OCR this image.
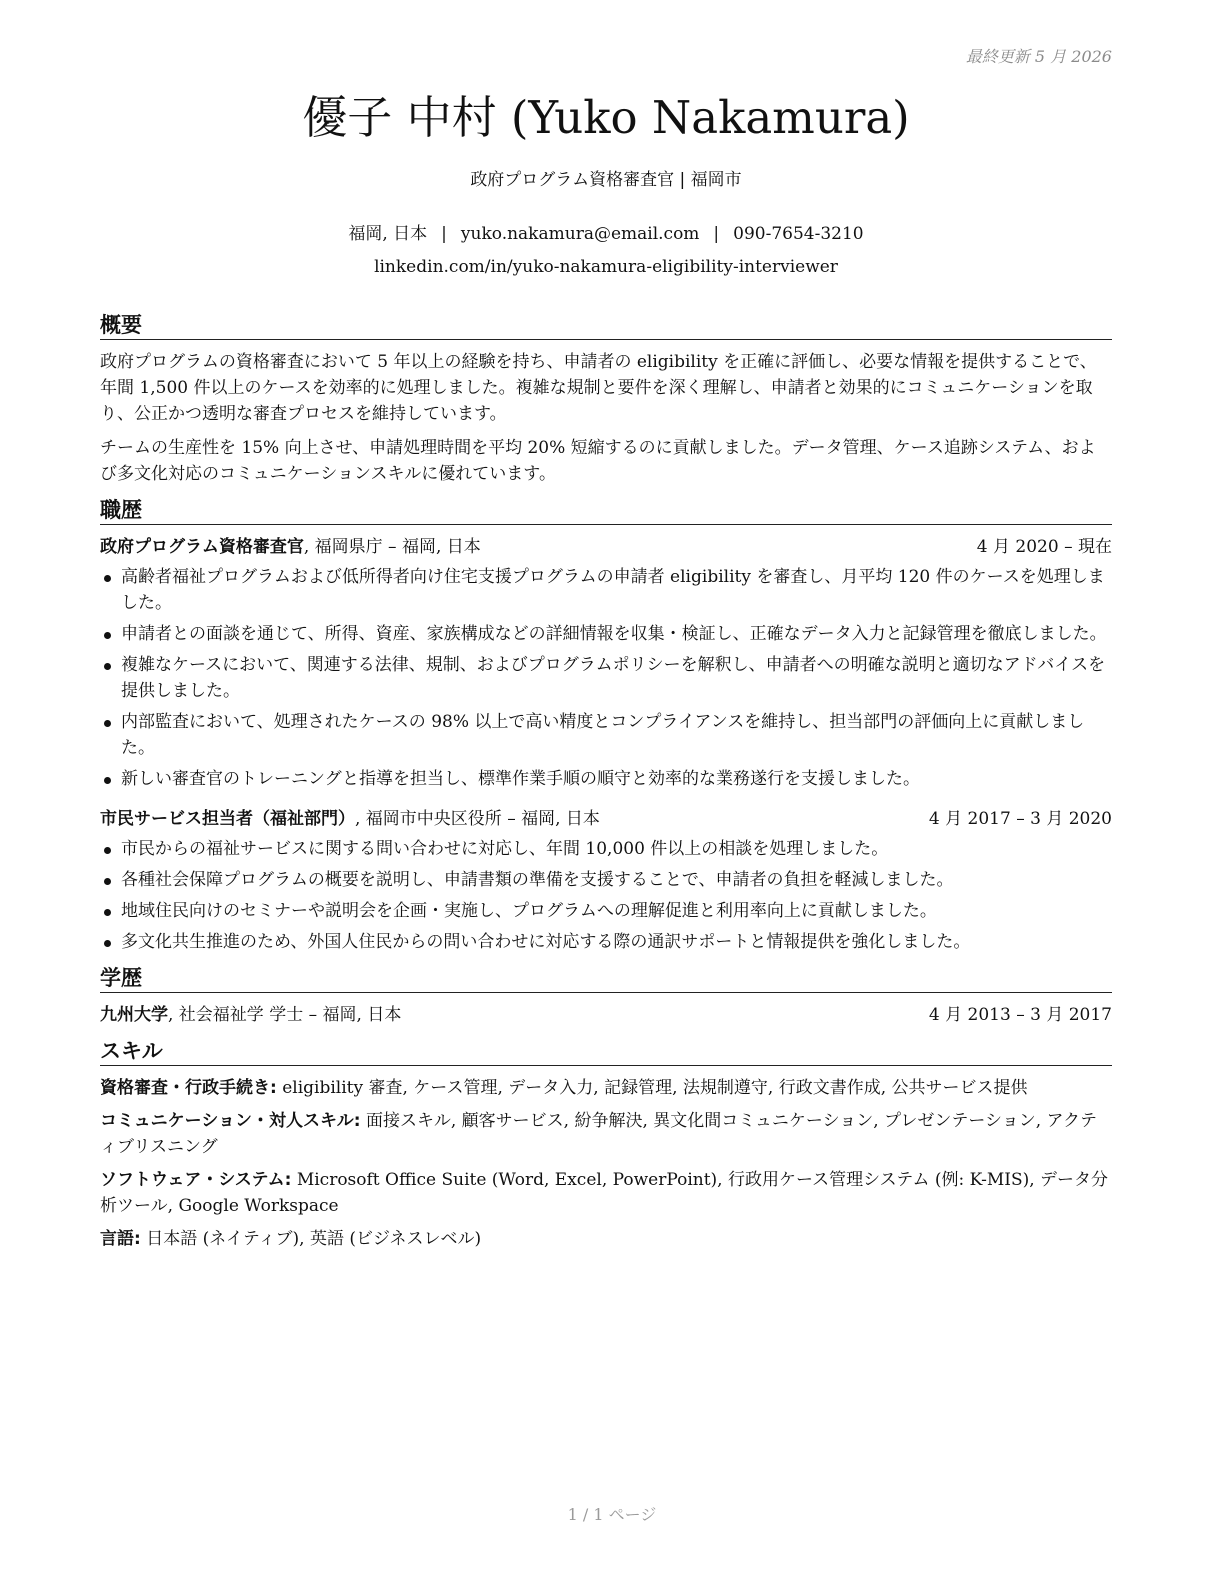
最終更新 5 月 2026
優子 中村 (Yuko Nakamura)
政府プログラム資格審査官 | 福岡市
福岡, 日本 | yuko.nakamura@email.com | 090-7654-3210
linkedin.com/in/yuko-nakamura-eligibility-interviewer
概要

政府プログラムの資格審査において 5 年以上の経験を持ち、申請者の eligibility を正確に評価し、必要な情報を提供することで、年間 1,500 件以上のケースを効率的に処理しました。複雑な規制と要件を深く理解し、申請者と効果的にコミュニケーションを取り、公正かつ透明な審査プロセスを維持しています。

チームの生産性を 15% 向上させ、申請処理時間を平均 20% 短縮するのに貢献しました。データ管理、ケース追跡システム、および多文化対応のコミュニケーションスキルに優れています。

職歴
政府プログラム資格審査官, 福岡県庁 – 福岡, 日本	4 月 2020 – 現在
高齢者福祉プログラムおよび低所得者向け住宅支援プログラムの申請者 eligibility を審査し、月平均 120 件のケースを処理しました。
申請者との面談を通じて、所得、資産、家族構成などの詳細情報を収集・検証し、正確なデータ入力と記録管理を徹底しました。
複雑なケースにおいて、関連する法律、規制、およびプログラムポリシーを解釈し、申請者への明確な説明と適切なアドバイスを提供しました。
内部監査において、処理されたケースの 98% 以上で高い精度とコンプライアンスを維持し、担当部門の評価向上に貢献しました。
新しい審査官のトレーニングと指導を担当し、標準作業手順の順守と効率的な業務遂行を支援しました。
市民サービス担当者（福祉部門）, 福岡市中央区役所 – 福岡, 日本	4 月 2017 – 3 月 2020
市民からの福祉サービスに関する問い合わせに対応し、年間 10,000 件以上の相談を処理しました。
各種社会保障プログラムの概要を説明し、申請書類の準備を支援することで、申請者の負担を軽減しました。
地域住民向けのセミナーや説明会を企画・実施し、プログラムへの理解促進と利用率向上に貢献しました。
多文化共生推進のため、外国人住民からの問い合わせに対応する際の通訳サポートと情報提供を強化しました。
学歴
九州大学, 社会福祉学 学士 – 福岡, 日本	4 月 2013 – 3 月 2017
スキル

資格審査・行政手続き: eligibility 審査, ケース管理, データ入力, 記録管理, 法規制遵守, 行政文書作成, 公共サービス提供

コミュニケーション・対人スキル: 面接スキル, 顧客サービス, 紛争解決, 異文化間コミュニケーション, プレゼンテーション, アクティブリスニング

ソフトウェア・システム: Microsoft Office Suite (Word, Excel, PowerPoint), 行政用ケース管理システム (例: K-MIS), データ分析ツール, Google Workspace

言語: 日本語 (ネイティブ), 英語 (ビジネスレベル)

1 / 1 ページ
